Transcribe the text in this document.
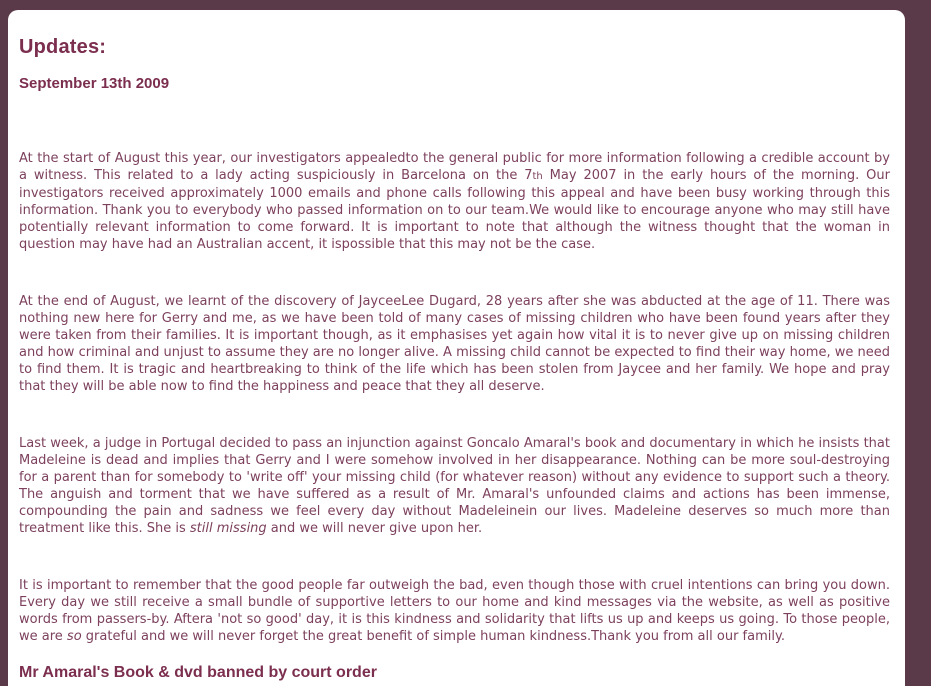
Updates:
September 13th 2009

At the start of August this year, our investigators appealedto the general public for more information following a credible account by a witness. This related to a lady acting suspiciously in Barcelona on the 7th May 2007 in the early hours of the morning. Our investigators received approximately 1000 emails and phone calls following this appeal and have been busy working through this information. Thank you to everybody who passed information on to our team.We would like to encourage anyone who may still have potentially relevant information to come forward. It is important to note that although the witness thought that the woman in question may have had an Australian accent, it ispossible that this may not be the case.

At the end of August, we learnt of the discovery of JayceeLee Dugard, 28 years after she was abducted at the age of 11. There was nothing new here for Gerry and me, as we have been told of many cases of missing children who have been found years after they were taken from their families. It is important though, as it emphasises yet again how vital it is to never give up on missing children and how criminal and unjust to assume they are no longer alive. A missing child cannot be expected to find their way home, we need to find them. It is tragic and heartbreaking to think of the life which has been stolen from Jaycee and her family. We hope and pray that they will be able now to find the happiness and peace that they all deserve.

Last week, a judge in Portugal decided to pass an injunction against Goncalo Amaral's book and documentary in which he insists that Madeleine is dead and implies that Gerry and I were somehow involved in her disappearance. Nothing can be more soul-destroying for a parent than for somebody to 'write off' your missing child (for whatever reason) without any evidence to support such a theory. The anguish and torment that we have suffered as a result of Mr. Amaral's unfounded claims and actions has been immense, compounding the pain and sadness we feel every day without Madeleinein our lives. Madeleine deserves so much more than treatment like this. She is still missing and we will never give upon her.

It is important to remember that the good people far outweigh the bad, even though those with cruel intentions can bring you down. Every day we still receive a small bundle of supportive letters to our home and kind messages via the website, as well as positive words from passers-by. Aftera 'not so good' day, it is this kindness and solidarity that lifts us up and keeps us going. To those people, we are so grateful and we will never forget the great benefit of simple human kindness.Thank you from all our family.

Mr Amaral's Book & dvd banned by court order
